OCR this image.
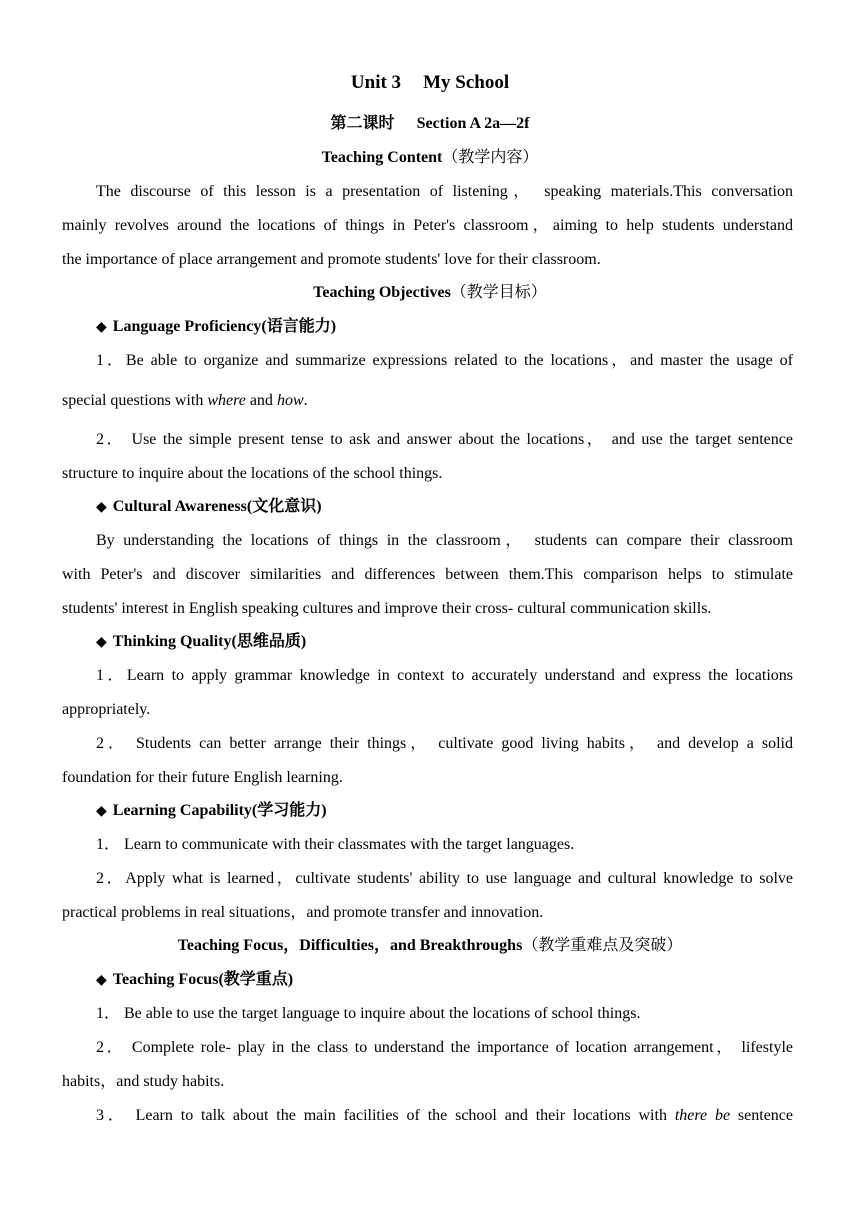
Unit 3 My School
第二课时 Section A 2a—2f
Teaching Content（教学内容）
The discourse of this lesson is a presentation of listening， speaking materials.This conversation
mainly revolves around the locations of things in Peter's classroom，aiming to help students understand
the importance of place arrangement and promote students' love for their classroom.
Teaching Objectives（教学目标）
◆ Language Proficiency(语言能力)
1．Be able to organize and summarize expressions related to the locations，and master the usage of
special questions with where and how.
2． Use the simple present tense to ask and answer about the locations， and use the target sentence
structure to inquire about the locations of the school things.
◆ Cultural Awareness(文化意识)
By understanding the locations of things in the classroom， students can compare their classroom
with Peter's and discover similarities and differences between them.This comparison helps to stimulate
students' interest in English speaking cultures and improve their cross- cultural communication skills.
◆ Thinking Quality(思维品质)
1．Learn to apply grammar knowledge in context to accurately understand and express the locations
appropriately.
2． Students can better arrange their things， cultivate good living habits， and develop a solid
foundation for their future English learning.
◆ Learning Capability(学习能力)
1． Learn to communicate with their classmates with the target languages.
2．Apply what is learned，cultivate students' ability to use language and cultural knowledge to solve
practical problems in real situations，and promote transfer and innovation.
Teaching Focus，Difficulties，and Breakthroughs（教学重难点及突破）
◆ Teaching Focus(教学重点)
1． Be able to use the target language to inquire about the locations of school things.
2． Complete role- play in the class to understand the importance of location arrangement， lifestyle
habits，and study habits.
3． Learn to talk about the main facilities of the school and their locations with there be sentence
